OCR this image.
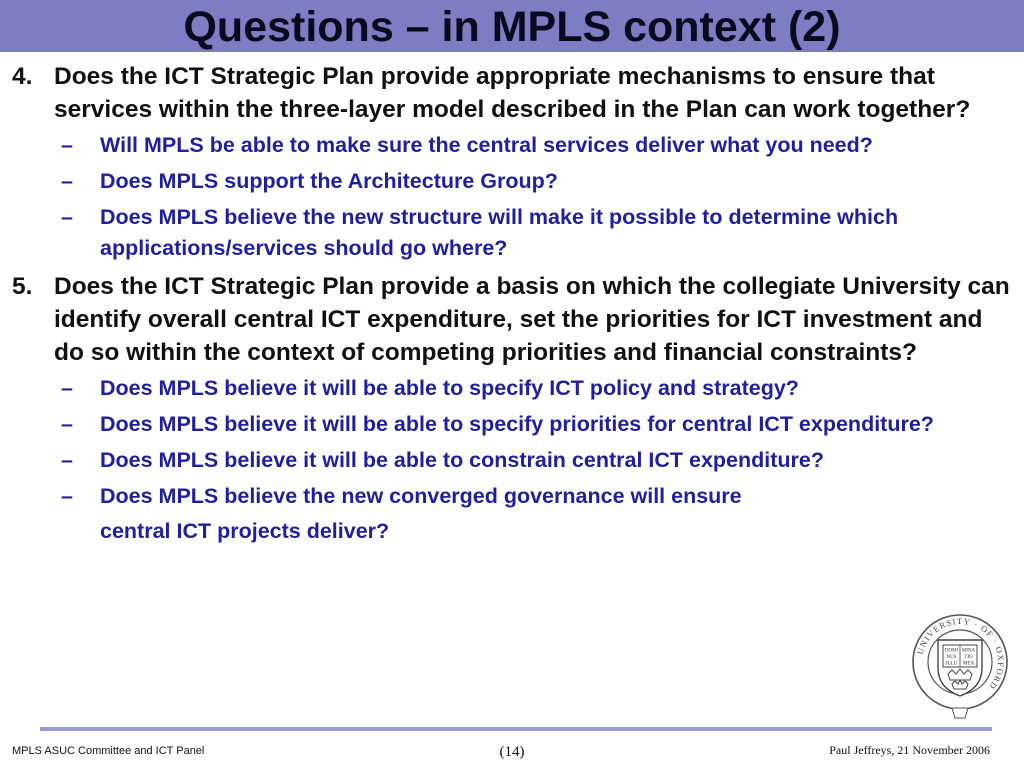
Questions – in MPLS context (2)
4. Does the ICT Strategic Plan provide appropriate mechanisms to ensure that services within the three-layer model described in the Plan can work together?
– Will MPLS be able to make sure the central services deliver what you need?
– Does MPLS support the Architecture Group?
– Does MPLS believe the new structure will make it possible to determine which applications/services should go where?
5. Does the ICT Strategic Plan provide a basis on which the collegiate University can identify overall central ICT expenditure, set the priorities for ICT investment and do so within the context of competing priorities and financial constraints?
– Does MPLS believe it will be able to specify ICT policy and strategy?
– Does MPLS believe it will be able to specify priorities for central ICT expenditure?
– Does MPLS believe it will be able to constrain central ICT expenditure?
– Does MPLS believe the new converged governance will ensure
central ICT projects deliver?
UNIVERSITY · OF · OXFORD
DOMI
NUS
ILLU
MINA
TIO
MEA
MPLS ASUC Committee and ICT Panel	(14)	Paul Jeffreys, 21 November 2006
